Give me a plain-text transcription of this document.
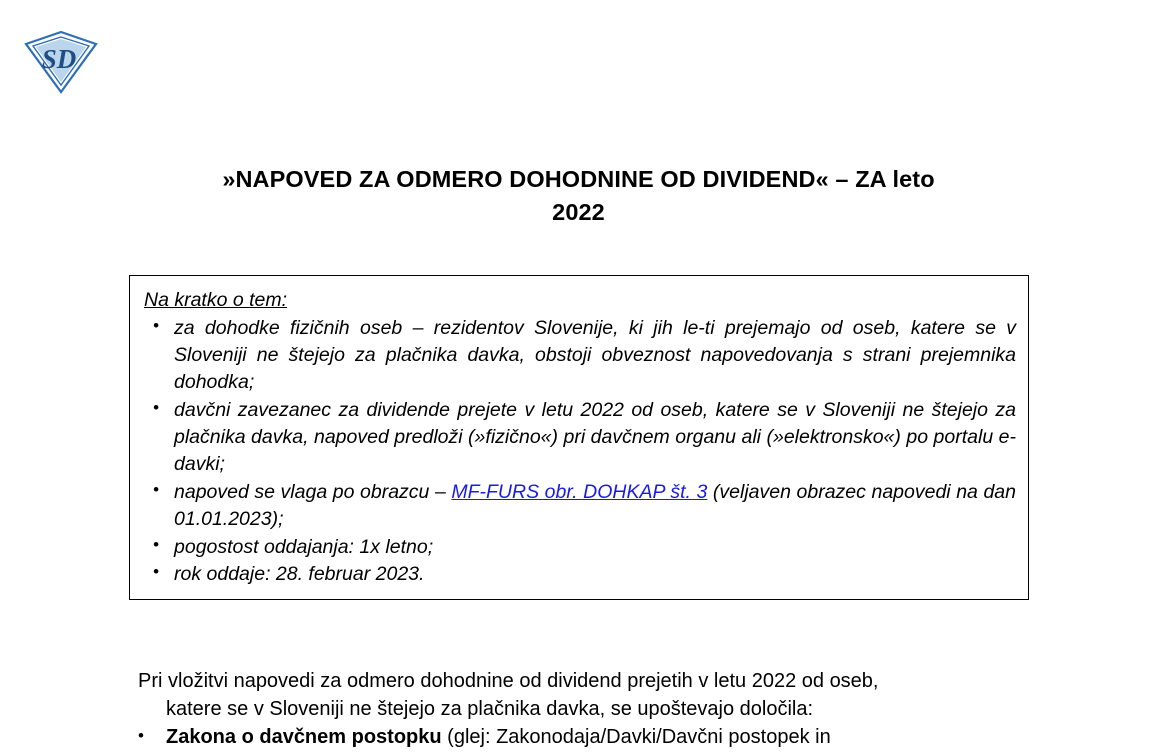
SD
»NAPOVED ZA ODMERO DOHODNINE OD DIVIDEND« – ZA leto
2022
Na kratko o tem:
• za dohodke fizičnih oseb – rezidentov Slovenije, ki jih le-ti prejemajo od oseb, katere se v Sloveniji ne štejejo za plačnika davka, obstoji obveznost napovedovanja s strani prejemnika dohodka;
• davčni zavezanec za dividende prejete v letu 2022 od oseb, katere se v Sloveniji ne štejejo za plačnika davka, napoved predloži (»fizično«) pri davčnem organu ali (»elektronsko«) po portalu e-davki;
• napoved se vlaga po obrazcu – MF-FURS obr. DOHKAP št. 3 (veljaven obrazec napovedi na dan 01.01.2023);
• pogostost oddajanja: 1x letno;
• rok oddaje: 28. februar 2023.
Pri vložitvi napovedi za odmero dohodnine od dividend prejetih v letu 2022 od oseb,
katere se v Sloveniji ne štejejo za plačnika davka, se upoštevajo določila:
•	Zakona o davčnem postopku (glej: Zakonodaja/Davki/Davčni postopek in
